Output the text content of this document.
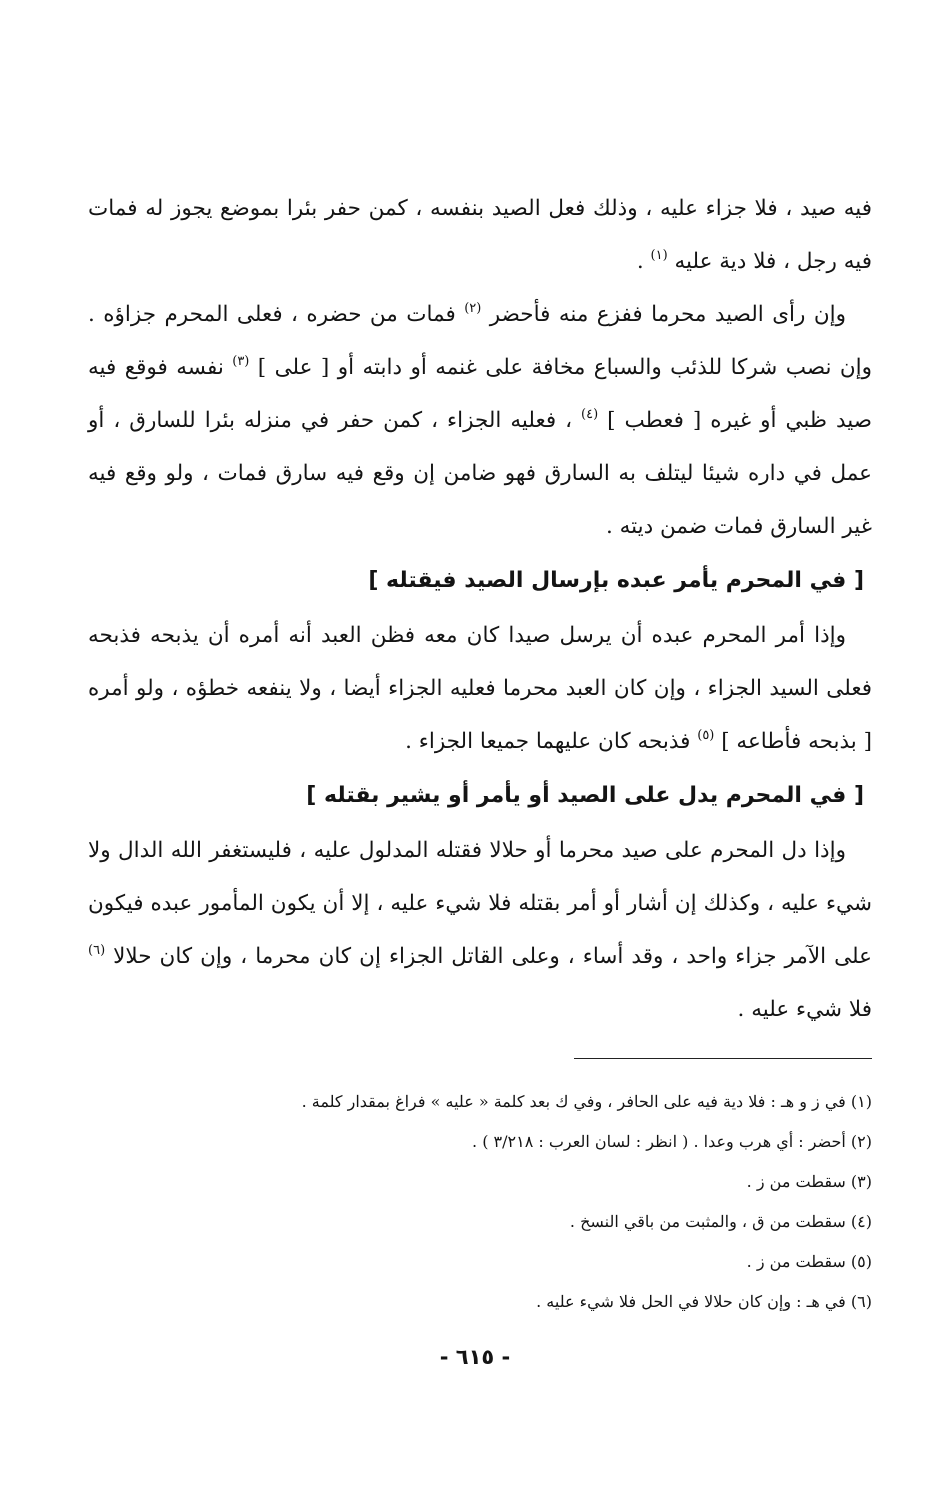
فيه صيد ، فلا جزاء عليه ، وذلك فعل الصيد بنفسه ، كمن حفر بئرا بموضع يجوز له فمات فيه رجل ، فلا دية عليه $^{(١)}$ .

وإن رأى الصيد محرما ففزع منه فأحضر $^{(٢)}$ فمات من حضره ، فعلى المحرم جزاؤه . وإن نصب شركا للذئب والسباع مخافة على غنمه أو دابته أو [ على ] $^{(٣)}$ نفسه فوقع فيه صيد ظبي أو غيره [ فعطب ] $^{(٤)}$ ، فعليه الجزاء ، كمن حفر في منزله بئرا للسارق ، أو عمل في داره شيئا ليتلف به السارق فهو ضامن إن وقع فيه سارق فمات ، ولو وقع فيه غير السارق فمات ضمن ديته .

[ في المحرم يأمر عبده بإرسال الصيد فيقتله ]

وإذا أمر المحرم عبده أن يرسل صيدا كان معه فظن العبد أنه أمره أن يذبحه فذبحه فعلى السيد الجزاء ، وإن كان العبد محرما فعليه الجزاء أيضا ، ولا ينفعه خطؤه ، ولو أمره [ بذبحه فأطاعه ] $^{(٥)}$ فذبحه كان عليهما جميعا الجزاء .

[ في المحرم يدل على الصيد أو يأمر أو يشير بقتله ]

وإذا دل المحرم على صيد محرما أو حلالا فقتله المدلول عليه ، فليستغفر الله الدال ولا شيء عليه ، وكذلك إن أشار أو أمر بقتله فلا شيء عليه ، إلا أن يكون المأمور عبده فيكون على الآمر جزاء واحد ، وقد أساء ، وعلى القاتل الجزاء إن كان محرما ، وإن كان حلالا $^{(٦)}$ فلا شيء عليه .

(١) في ز و هـ : فلا دية فيه على الحافر ، وفي ك بعد كلمة « عليه » فراغ بمقدار كلمة .
(٢) أحضر : أي هرب وعدا . ( انظر : لسان العرب : ٣/٢١٨ ) .
(٣) سقطت من ز .
(٤) سقطت من ق ، والمثبت من باقي النسخ .
(٥) سقطت من ز .
(٦) في هـ : وإن كان حلالا في الحل فلا شيء عليه .
- ٦١٥ -
